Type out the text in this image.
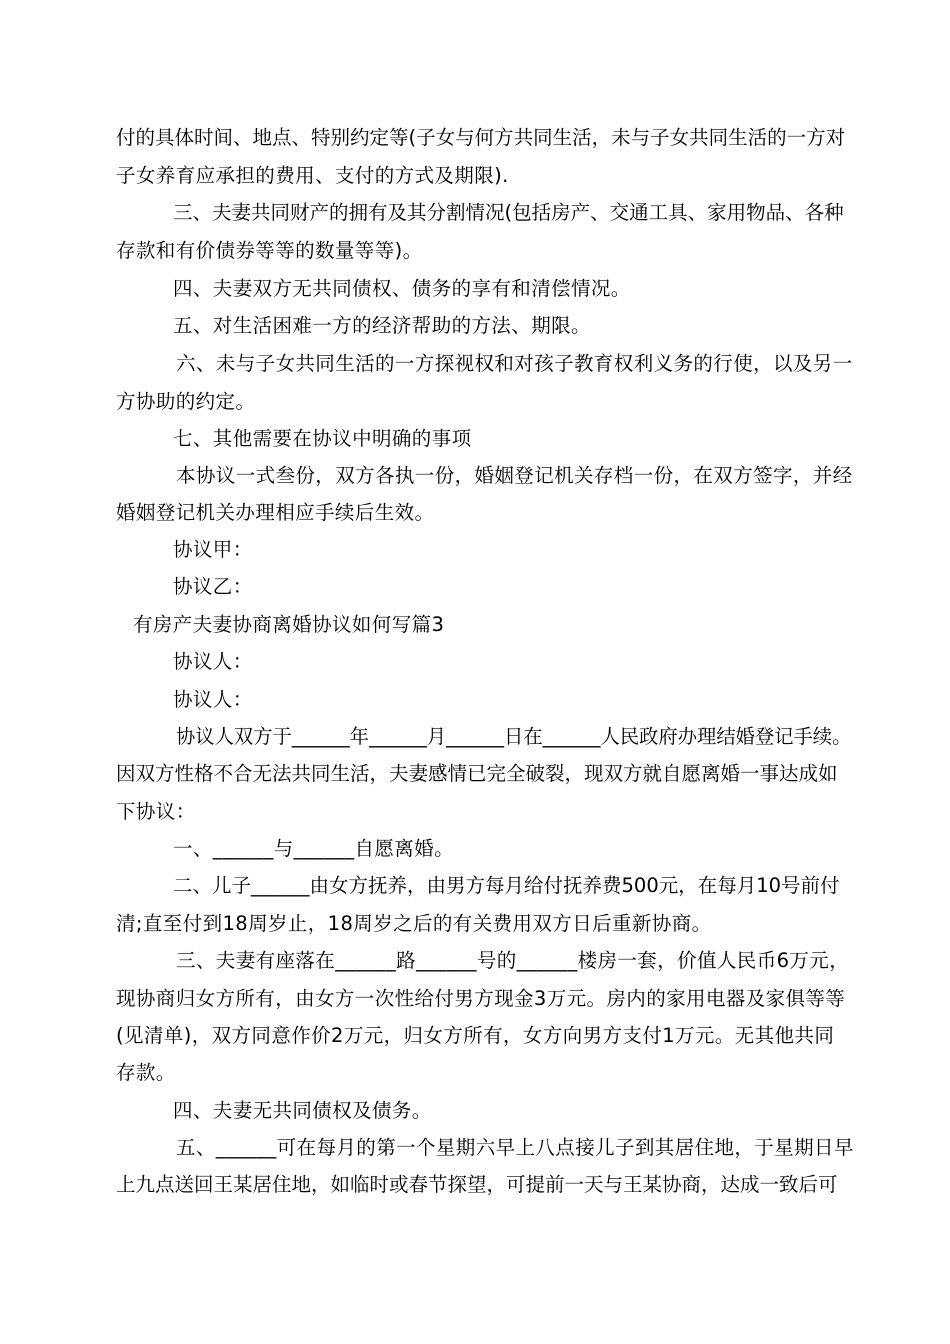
付的具体时间、地点、特别约定等(子女与何方共同生活，未与子女共同生活的一方对
子女养育应承担的费用、支付的方式及期限).
三、夫妻共同财产的拥有及其分割情况(包括房产、交通工具、家用物品、各种
存款和有价债券等等的数量等等)。
四、夫妻双方无共同债权、债务的享有和清偿情况。
五、对生活困难一方的经济帮助的方法、期限。
六、未与子女共同生活的一方探视权和对孩子教育权利义务的行使，以及另一
方协助的约定。
七、其他需要在协议中明确的事项
本协议一式叁份，双方各执一份，婚姻登记机关存档一份，在双方签字，并经
婚姻登记机关办理相应手续后生效。
协议甲：
协议乙：
有房产夫妻协商离婚协议如何写篇3
协议人：
协议人：
协议人双方于______年______月______日在______人民政府办理结婚登记手续。
因双方性格不合无法共同生活，夫妻感情已完全破裂，现双方就自愿离婚一事达成如
下协议：
一、______与______自愿离婚。
二、儿子______由女方抚养，由男方每月给付抚养费500元，在每月10号前付
清;直至付到18周岁止，18周岁之后的有关费用双方日后重新协商。
三、夫妻有座落在______路______号的______楼房一套，价值人民币6万元，
现协商归女方所有，由女方一次性给付男方现金3万元。房内的家用电器及家俱等等
(见清单)，双方同意作价2万元，归女方所有，女方向男方支付1万元。无其他共同
存款。
四、夫妻无共同债权及债务。
五、______可在每月的第一个星期六早上八点接儿子到其居住地，于星期日早
上九点送回王某居住地，如临时或春节探望，可提前一天与王某协商，达成一致后可
